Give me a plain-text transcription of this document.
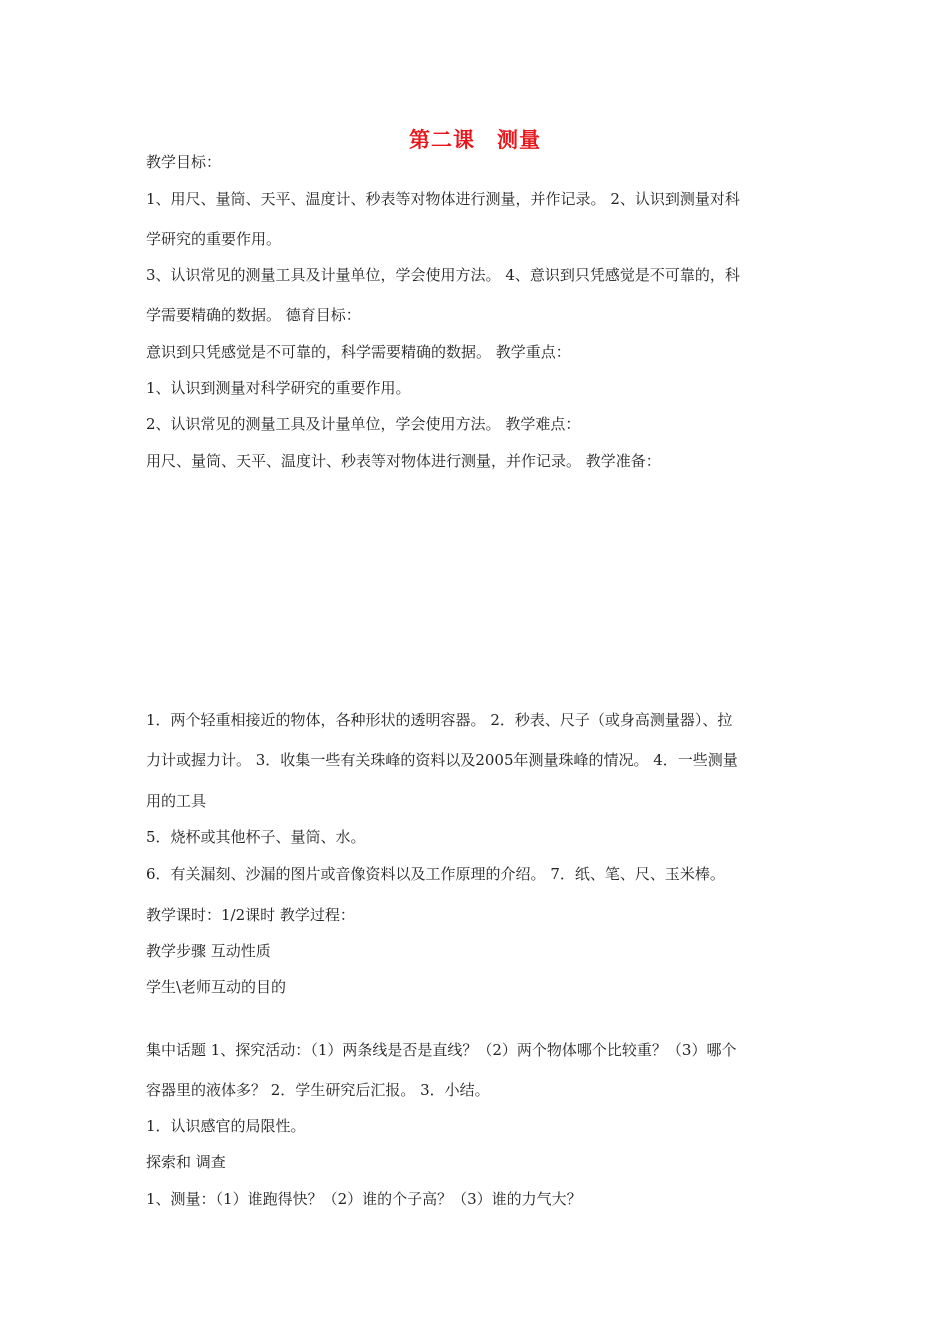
第二课　测量
教学目标：
1、用尺、量筒、天平、温度计、秒表等对物体进行测量，并作记录。 2、认识到测量对科
学研究的重要作用。
3、认识常见的测量工具及计量单位，学会使用方法。 4、意识到只凭感觉是不可靠的，科
学需要精确的数据。 德育目标：
意识到只凭感觉是不可靠的，科学需要精确的数据。 教学重点：
1、认识到测量对科学研究的重要作用。
2、认识常见的测量工具及计量单位，学会使用方法。 教学难点：
用尺、量筒、天平、温度计、秒表等对物体进行测量，并作记录。 教学准备：
1．两个轻重相接近的物体，各种形状的透明容器。 2．秒表、尺子（或身高测量器）、拉
力计或握力计。 3．收集一些有关珠峰的资料以及2005年测量珠峰的情况。 4．一些测量
用的工具
5．烧杯或其他杯子、量筒、水。
6．有关漏刻、沙漏的图片或音像资料以及工作原理的介绍。 7．纸、笔、尺、玉米棒。
教学课时：1/2课时 教学过程：
教学步骤 互动性质
学生\老师互动的目的
集中话题 1、探究活动：（1）两条线是否是直线？（2）两个物体哪个比较重？（3）哪个
容器里的液体多？ 2．学生研究后汇报。 3．小结。
1．认识感官的局限性。
探索和 调查
1、测量：（1）谁跑得快？（2）谁的个子高？（3）谁的力气大？
